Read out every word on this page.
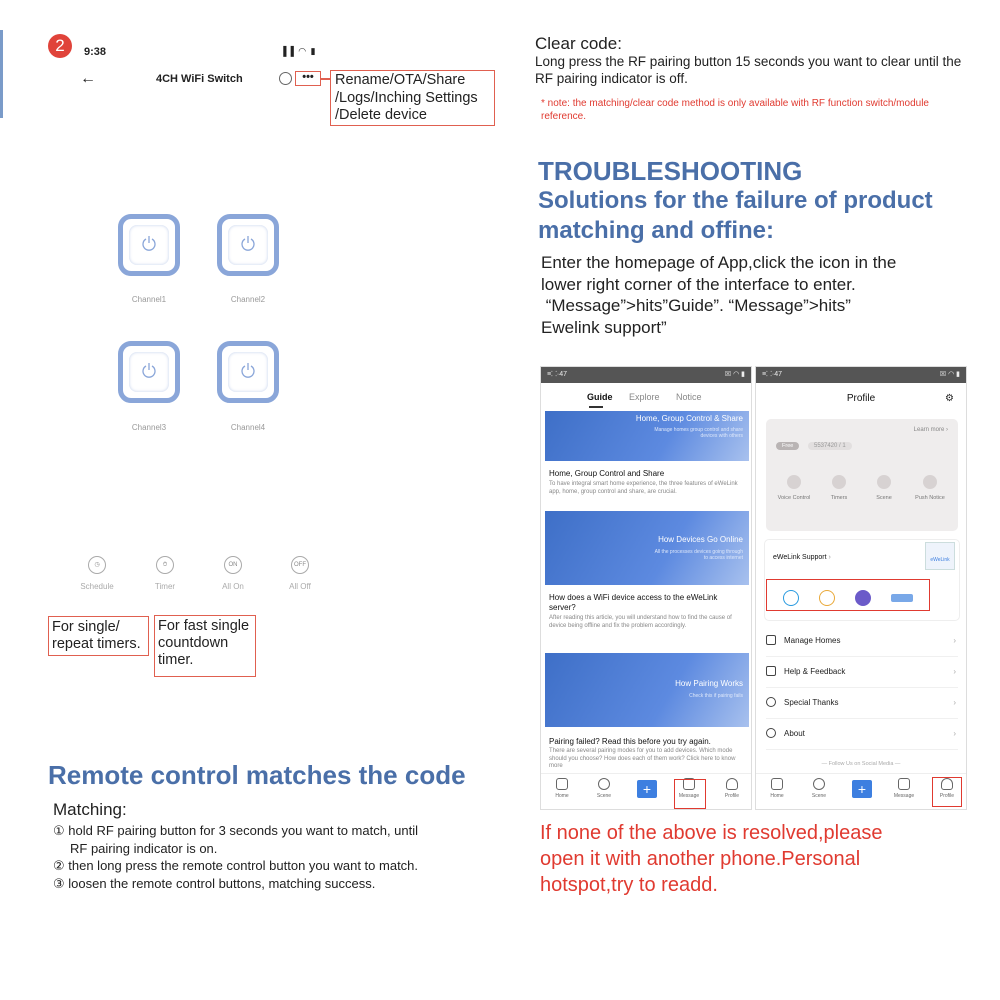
2	9:38	▐▐ ◠ ▮
←	4CH WiFi Switch	•••	Rename/OTA/Share
/Logs/Inching Settings
/Delete device
Channel1	Channel2
Channel3	Channel4
◷
Schedule
⏱
Timer
ON
All On
OFF
All Off
For single/
repeat timers.
For fast single
countdown
timer.
Remote control matches the code
Matching:
① hold RF pairing button for 3 seconds you want to match, until
RF pairing indicator is on.
② then long press the remote control button you want to match.
③ loosen the remote control buttons, matching success.
Clear code:
Long press the RF pairing button 15 seconds you want to clear until the RF pairing indicator is off.
* note: the matching/clear code method is only available with RF function switch/module reference.
TROUBLESHOOTING
Solutions for the failure of product
matching and offine:
Enter the homepage of App,click the icon in the
lower right corner of the interface to enter.
“Message”>hits”Guide”. “Message”>hits”
Ewelink support”
≡⸬·47	☒ ◠ ▮
Guide Explore Notice
Home, Group Control & Share
Manage homes group control and share devices with others
Home, Group Control and Share
To have integral smart home experience, the three features of eWeLink app, home, group control and share, are crucial.
How Devices Go Online
All the processes devices going through to access internet
How does a WiFi device access to the eWeLink server?
After reading this article, you will understand how to find the cause of device being offline and fix the problem accordingly.
How Pairing Works
Check this if pairing fails
Pairing failed? Read this before you try again.
There are several pairing modes for you to add devices. Which mode should you choose? How does each of them work? Click here to know more
Home	Scene	+	Message	Profile
≡⸬·47	☒ ◠ ▮
Profile	⚙
Learn more ›
Free	5537420 / 1
Voice Control	Timers	Scene	Push Notice
eWeLink Support ›	eWeLink
Manage Homes	›
Help & Feedback	›
Special Thanks	›
About	›
— Follow Us on Social Media —
Home	Scene	+	Message	Profile
If none of the above is resolved,please
open it with another phone.Personal
hotspot,try to readd.
